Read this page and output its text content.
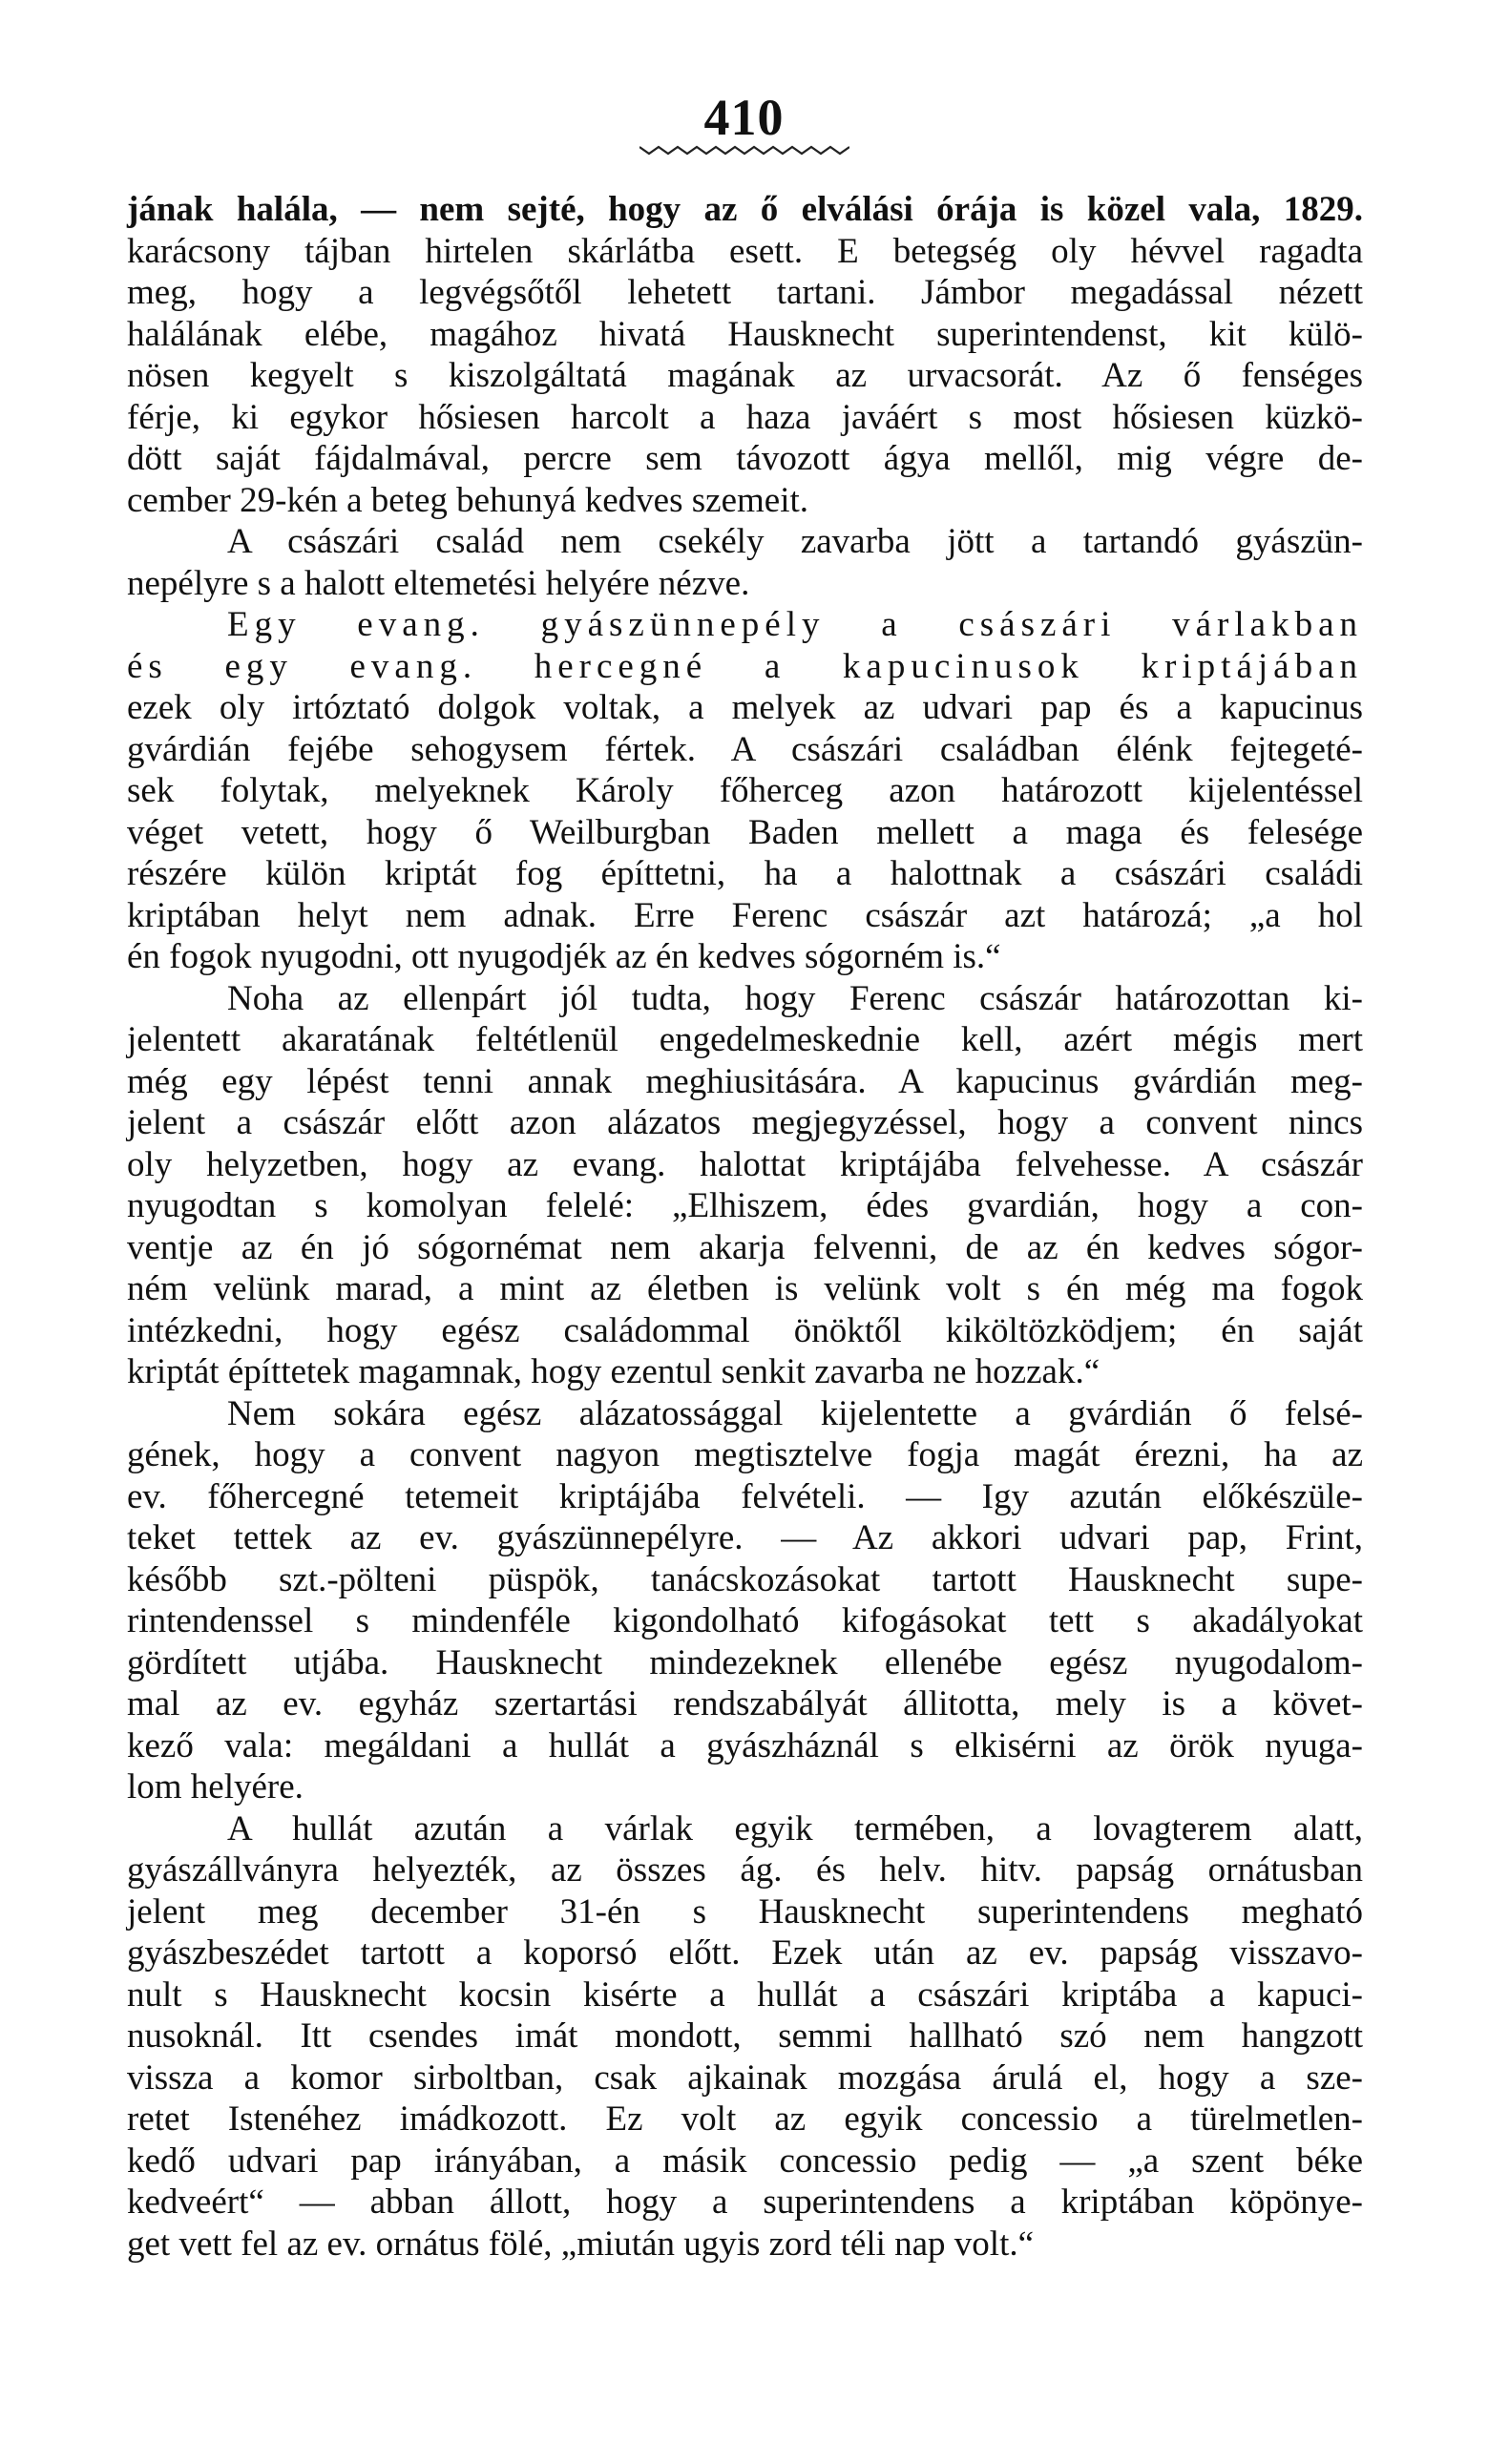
410
jának halála, — nem sejté, hogy az ő elválási órája is közel vala, 1829.
karácsony tájban hirtelen skárlátba esett. E betegség oly hévvel ragadta
meg, hogy a legvégsőtől lehetett tartani. Jámbor megadással nézett
halálának elébe, magához hivatá Hausknecht superintendenst, kit külö-
nösen kegyelt s kiszolgáltatá magának az urvacsorát. Az ő fenséges
férje, ki egykor hősiesen harcolt a haza javáért s most hősiesen küzkö-
dött saját fájdalmával, percre sem távozott ágya mellől, mig végre de-
cember 29-kén a beteg behunyá kedves szemeit.
A császári család nem csekély zavarba jött a tartandó gyászün-
nepélyre s a halott eltemetési helyére nézve.
Egy evang. gyászünnepély a császári várlakban
és egy evang. hercegné a kapucinusok kriptájában
ezek oly irtóztató dolgok voltak, a melyek az udvari pap és a kapucinus
gvárdián fejébe sehogysem fértek. A császári családban élénk fejtegeté-
sek folytak, melyeknek Károly főherceg azon határozott kijelentéssel
véget vetett, hogy ő Weilburgban Baden mellett a maga és felesége
részére külön kriptát fog építtetni, ha a halottnak a császári családi
kriptában helyt nem adnak. Erre Ferenc császár azt határozá; „a hol
én fogok nyugodni, ott nyugodjék az én kedves sógorném is.“
Noha az ellenpárt jól tudta, hogy Ferenc császár határozottan ki-
jelentett akaratának feltétlenül engedelmeskednie kell, azért mégis mert
még egy lépést tenni annak meghiusitására. A kapucinus gvárdián meg-
jelent a császár előtt azon alázatos megjegyzéssel, hogy a convent nincs
oly helyzetben, hogy az evang. halottat kriptájába felvehesse. A császár
nyugodtan s komolyan felelé: „Elhiszem, édes gvardián, hogy a con-
ventje az én jó sógornémat nem akarja felvenni, de az én kedves sógor-
ném velünk marad, a mint az életben is velünk volt s én még ma fogok
intézkedni, hogy egész családommal önöktől kiköltözködjem; én saját
kriptát építtetek magamnak, hogy ezentul senkit zavarba ne hozzak.“
Nem sokára egész alázatossággal kijelentette a gvárdián ő felsé-
gének, hogy a convent nagyon megtisztelve fogja magát érezni, ha az
ev. főhercegné tetemeit kriptájába felvételi. — Igy azután előkészüle-
teket tettek az ev. gyászünnepélyre. — Az akkori udvari pap, Frint,
később szt.-pölteni püspök, tanácskozásokat tartott Hausknecht supe-
rintendenssel s mindenféle kigondolható kifogásokat tett s akadályokat
gördített utjába. Hausknecht mindezeknek ellenébe egész nyugodalom-
mal az ev. egyház szertartási rendszabályát állitotta, mely is a követ-
kező vala: megáldani a hullát a gyászháznál s elkisérni az örök nyuga-
lom helyére.
A hullát azután a várlak egyik termében, a lovagterem alatt,
gyászállványra helyezték, az összes ág. és helv. hitv. papság ornátusban
jelent meg december 31-én s Hausknecht superintendens megható
gyászbeszédet tartott a koporsó előtt. Ezek után az ev. papság visszavo-
nult s Hausknecht kocsin kisérte a hullát a császári kriptába a kapuci-
nusoknál. Itt csendes imát mondott, semmi hallható szó nem hangzott
vissza a komor sirboltban, csak ajkainak mozgása árulá el, hogy a sze-
retet Istenéhez imádkozott. Ez volt az egyik concessio a türelmetlen-
kedő udvari pap irányában, a másik concessio pedig — „a szent béke
kedveért“ — abban állott, hogy a superintendens a kriptában köpönye-
get vett fel az ev. ornátus fölé, „miután ugyis zord téli nap volt.“
